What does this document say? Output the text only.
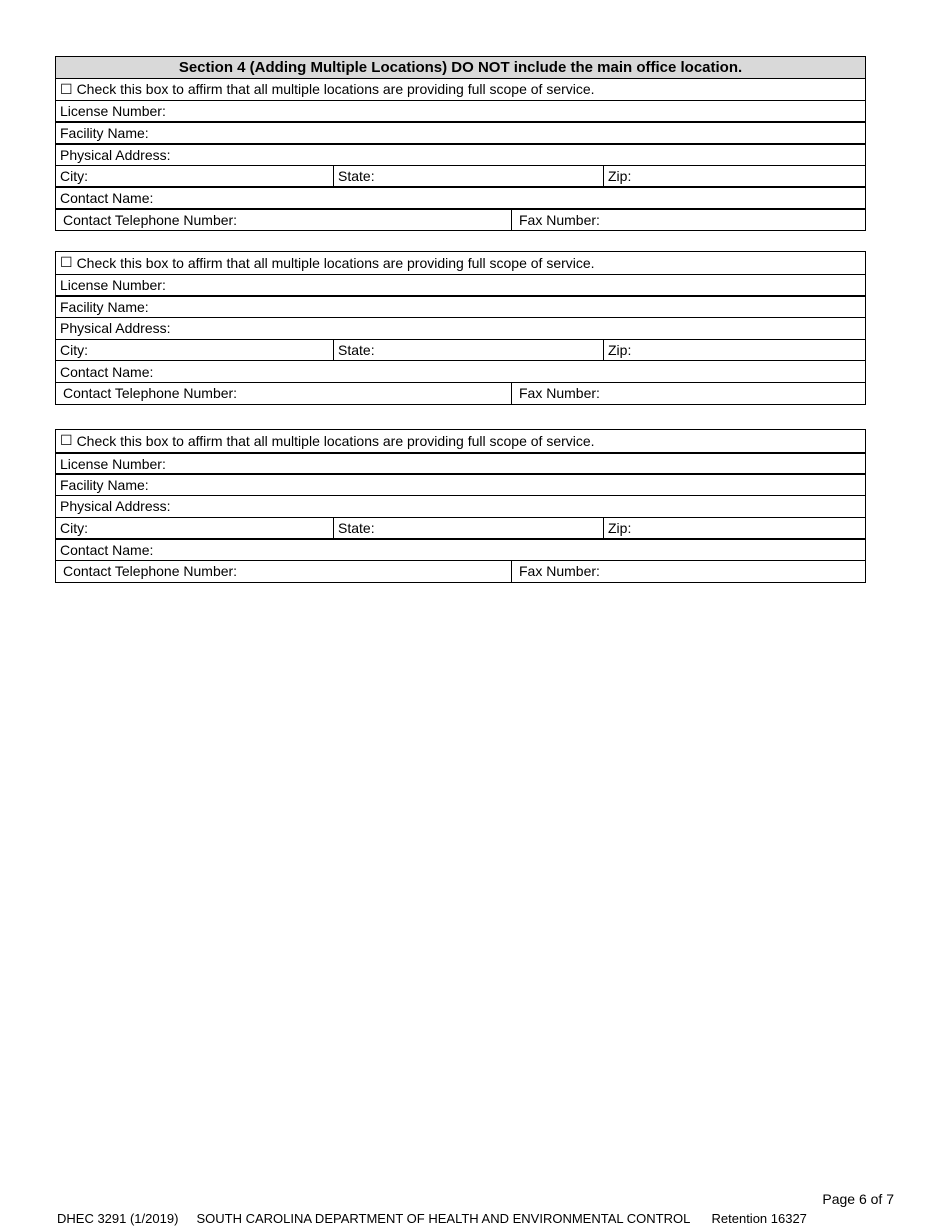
Section 4 (Adding Multiple Locations) DO NOT include the main office location.
☐ Check this box to affirm that all multiple locations are providing full scope of service.
License Number:
Facility Name:
Physical Address:
City:	State:	Zip:
Contact Name:
Contact Telephone Number:	Fax Number:
☐ Check this box to affirm that all multiple locations are providing full scope of service.
License Number:
Facility Name:
Physical Address:
City:	State:	Zip:
Contact Name:
Contact Telephone Number:	Fax Number:
☐ Check this box to affirm that all multiple locations are providing full scope of service.
License Number:
Facility Name:
Physical Address:
City:	State:	Zip:
Contact Name:
Contact Telephone Number:	Fax Number:
Page 6 of 7
DHEC 3291 (1/2019) SOUTH CAROLINA DEPARTMENT OF HEALTH AND ENVIRONMENTAL CONTROL Retention 16327
